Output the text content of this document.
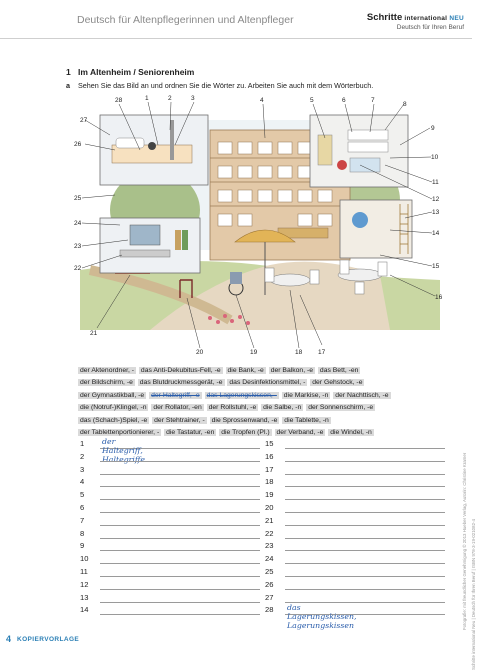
Deutsch für Altenpflegerinnen und Altenpfleger	Schritte international NEU
Deutsch für Ihren Beruf
1 Im Altenheim / Seniorenheim
a Sehen Sie das Bild an und ordnen Sie die Wörter zu. Arbeiten Sie auch mit dem Wörterbuch.
28	1	2	3	4	5	6	7
8
9
10
11
12
13
14
15
16
17
18
19
20
21
22
23
24
25
26
27
der Aktenordner, - das Anti-Dekubitus-Fell, -e die Bank, -e der Balkon, -e das Bett, -en
der Bildschirm, -e das Blutdruckmessgerät, -e das Desinfektionsmittel, - der Gehstock, -e
der Gymnastikball, -e der Haltegriff, -e das Lagerungskissen, - die Markise, -n der Nachttisch, -e
die (Notruf-)Klingel, -n der Rollator, -en der Rollstuhl, -e die Salbe, -n der Sonnenschirm, -e
das (Schach-)Spiel, -e der Stehtrainer, - die Sprossenwand, -e die Tablette, -n
der Tablettenportionierer, - die Tastatur, -en die Tropfen (Pl.) der Verband, -e die Windel, -n
1	der Haltegriff, Haltegriffe
2
3
4
5
6
7
8
9
10
11
12
13
14
15
16
17
18
19
20
21
22
23
24
25
26
27
28	das Lagerungskissen, Lagerungskissen	Fotografie: mit freundlicher Genehmigung © 2013 Hueber Verlag, Autorin: Christine Kramer Schritte international Neu | Deutsch für Ihren Beruf | ISBN 978-3-19-021082-4
4 KOPIERVORLAGE
